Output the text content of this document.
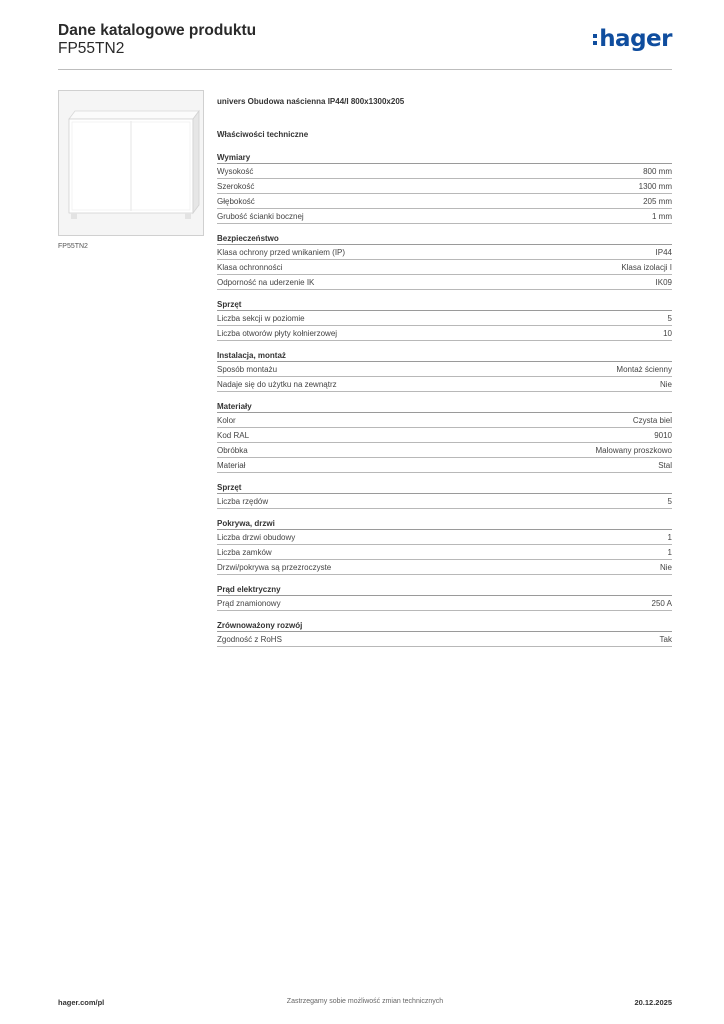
Dane katalogowe produktu
FP55TN2	hager
FP55TN2
univers Obudowa naścienna IP44/I 800x1300x205
Właściwości techniczne
Wymiary
Wysokość	800 mm
Szerokość	1300 mm
Głębokość	205 mm
Grubość ścianki bocznej	1 mm
Bezpieczeństwo
Klasa ochrony przed wnikaniem (IP)	IP44
Klasa ochronności	Klasa izolacji I
Odporność na uderzenie IK	IK09
Sprzęt
Liczba sekcji w poziomie	5
Liczba otworów płyty kołnierzowej	10
Instalacja, montaż
Sposób montażu	Montaż ścienny
Nadaje się do użytku na zewnątrz	Nie
Materiały
Kolor	Czysta biel
Kod RAL	9010
Obróbka	Malowany proszkowo
Materiał	Stal
Sprzęt
Liczba rzędów	5
Pokrywa, drzwi
Liczba drzwi obudowy	1
Liczba zamków	1
Drzwi/pokrywa są przezroczyste	Nie
Prąd elektryczny
Prąd znamionowy	250 A
Zrównoważony rozwój
Zgodność z RoHS	Tak
hager.com/pl	Zastrzegamy sobie możliwość zmian technicznych	20.12.2025
